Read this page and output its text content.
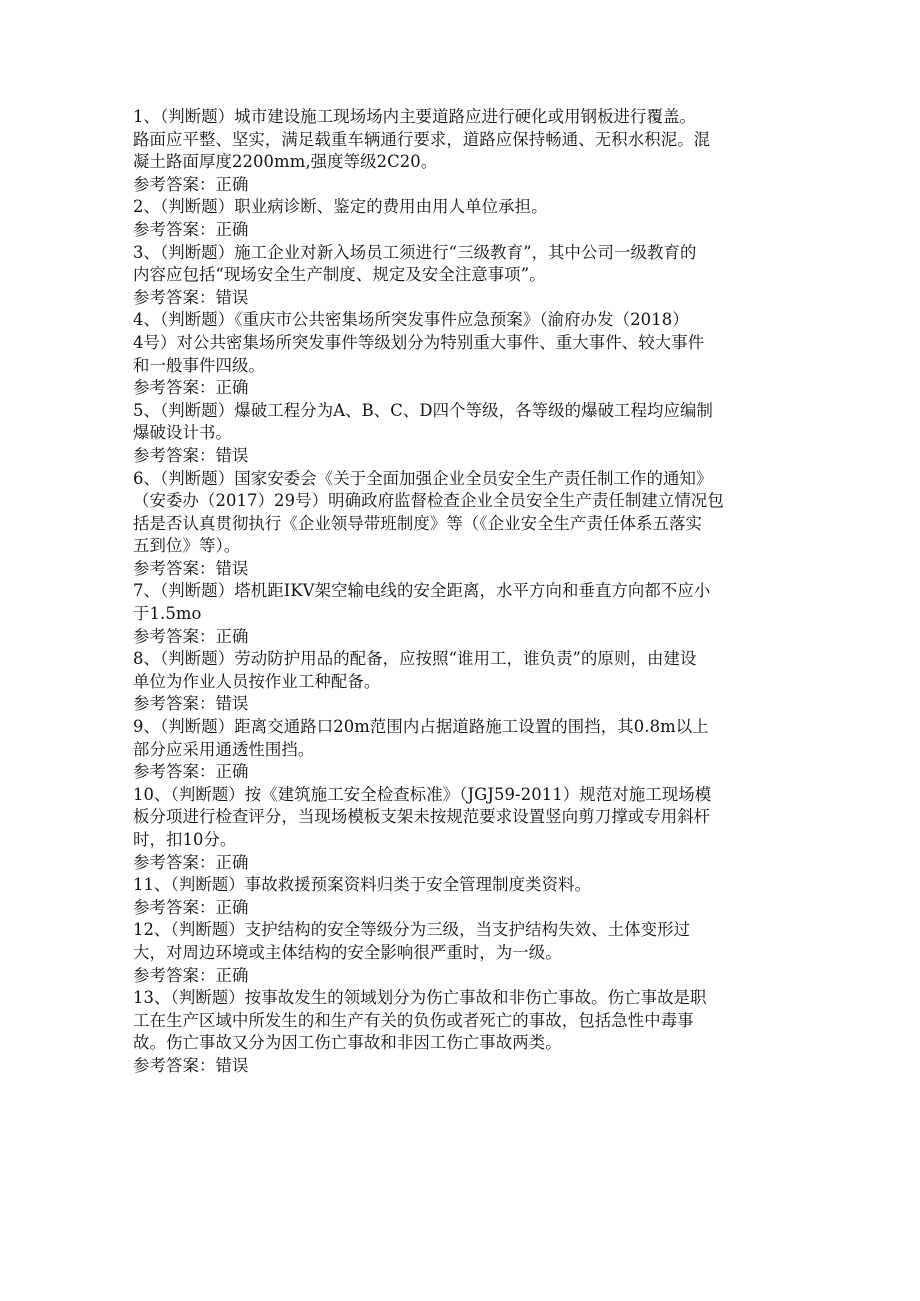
1、（判断题）城市建设施工现场场内主要道路应进行硬化或用钢板进行覆盖。
路面应平整、坚实，满足载重车辆通行要求，道路应保持畅通、无积水积泥。混
凝土路面厚度2200mm,强度等级2C20。
参考答案：正确
2、（判断题）职业病诊断、鉴定的费用由用人单位承担。
参考答案：正确
3、（判断题）施工企业对新入场员工须进行“三级教育”，其中公司一级教育的
内容应包括“现场安全生产制度、规定及安全注意事项”。
参考答案：错误
4、（判断题）《重庆市公共密集场所突发事件应急预案》（渝府办发（2018）
4号）对公共密集场所突发事件等级划分为特别重大事件、重大事件、较大事件
和一般事件四级。
参考答案：正确
5、（判断题）爆破工程分为A、B、C、D四个等级，各等级的爆破工程均应编制
爆破设计书。
参考答案：错误
6、（判断题）国家安委会《关于全面加强企业全员安全生产责任制工作的通知》
（安委办（2017）29号）明确政府监督检查企业全员安全生产责任制建立情况包
括是否认真贯彻执行《企业领导带班制度》等（《企业安全生产责任体系五落实
五到位》等）。
参考答案：错误
7、（判断题）塔机距IKV架空输电线的安全距离，水平方向和垂直方向都不应小
于1.5mo
参考答案：正确
8、（判断题）劳动防护用品的配备，应按照“谁用工，谁负责”的原则，由建设
单位为作业人员按作业工种配备。
参考答案：错误
9、（判断题）距离交通路口20m范围内占据道路施工设置的围挡，其0.8m以上
部分应采用通透性围挡。
参考答案：正确
10、（判断题）按《建筑施工安全检查标准》（JGJ59-2011）规范对施工现场模
板分项进行检查评分，当现场模板支架未按规范要求设置竖向剪刀撑或专用斜杆
时，扣10分。
参考答案：正确
11、（判断题）事故救援预案资料归类于安全管理制度类资料。
参考答案：正确
12、（判断题）支护结构的安全等级分为三级，当支护结构失效、土体变形过
大，对周边环境或主体结构的安全影响很严重时，为一级。
参考答案：正确
13、（判断题）按事故发生的领域划分为伤亡事故和非伤亡事故。伤亡事故是职
工在生产区域中所发生的和生产有关的负伤或者死亡的事故，包括急性中毒事
故。伤亡事故又分为因工伤亡事故和非因工伤亡事故两类。
参考答案：错误
